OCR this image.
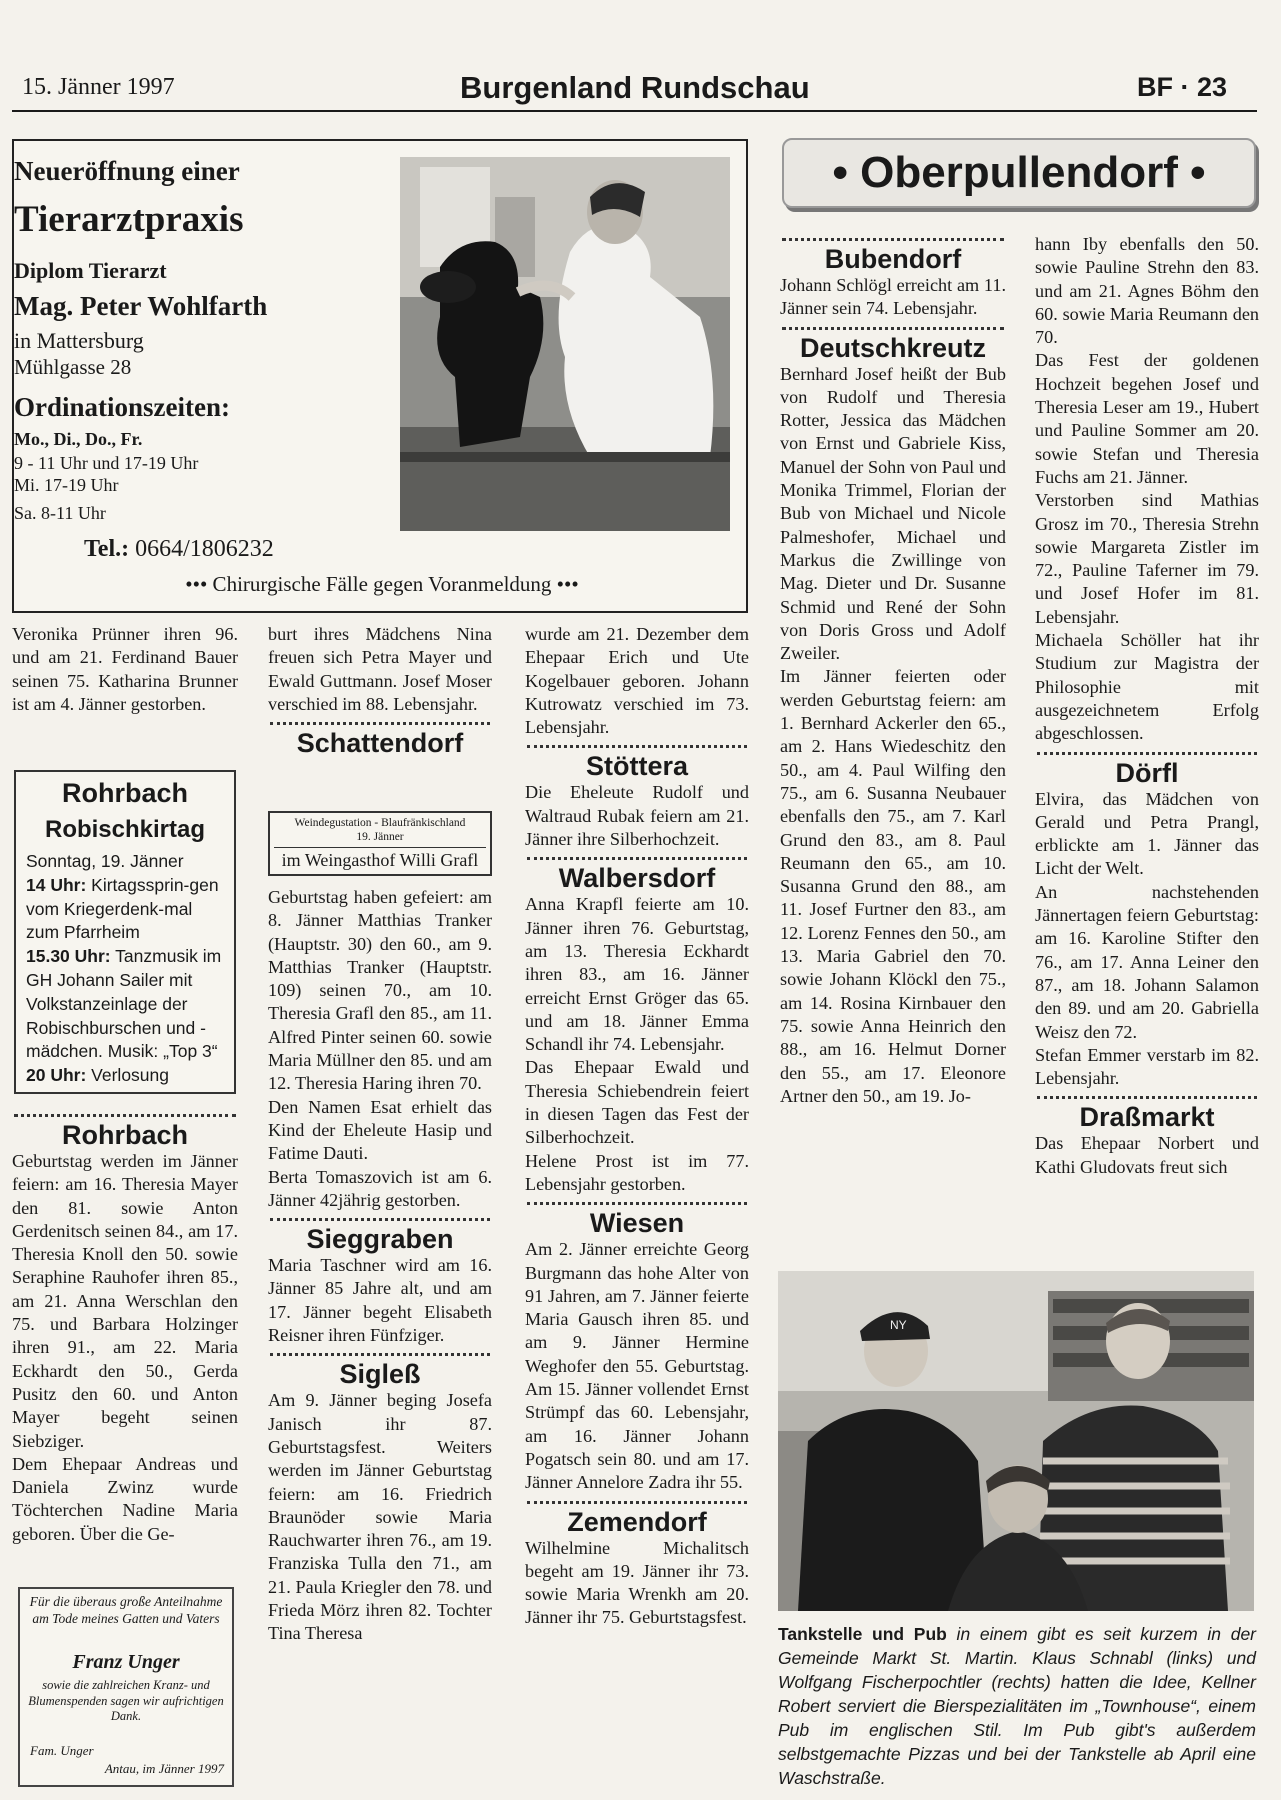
15. Jänner 1997	Burgenland Rundschau	BF · 23
Neueröffnung einer
Tierarztpraxis
Diplom Tierarzt
Mag. Peter Wohlfarth
in Mattersburg
Mühlgasse 28
Ordinationszeiten:
Mo., Di., Do., Fr.
9 - 11 Uhr und 17-19 Uhr
Mi. 17-19 Uhr
Sa. 8-11 Uhr
Tel.: 0664/1806232
••• Chirurgische Fälle gegen Voranmeldung •••
Veronika Prünner ihren 96. und am 21. Ferdinand Bauer seinen 75. Katharina Brunner ist am 4. Jänner gestorben.
Rohrbach
Robischkirtag
Sonntag, 19. Jänner
14 Uhr: Kirtagssprin-gen vom Kriegerdenk-mal zum Pfarrheim
15.30 Uhr: Tanzmusik im GH Johann Sailer mit Volkstanzeinlage der Robischburschen und -mädchen. Musik: „Top 3“ 20 Uhr: Verlosung

Rohrbach

Geburtstag werden im Jänner feiern: am 16. Theresia Mayer den 81. sowie Anton Gerdenitsch seinen 84., am 17. Theresia Knoll den 50. sowie Seraphine Rauhofer ihren 85., am 21. Anna Werschlan den 75. und Barbara Holzinger ihren 91., am 22. Maria Eckhardt den 50., Gerda Pusitz den 60. und Anton Mayer begeht seinen Siebziger.

Dem Ehepaar Andreas und Daniela Zwinz wurde Töchterchen Nadine Maria geboren. Über die Ge-

Für die überaus große Anteilnahme am Tode meines Gatten und Vaters
Franz Unger
sowie die zahlreichen Kranz- und Blumenspenden sagen wir aufrichtigen Dank.
Fam. Unger
Antau, im Jänner 1997

burt ihres Mädchens Nina freuen sich Petra Mayer und Ewald Guttmann. Josef Moser verschied im 88. Lebensjahr.

Schattendorf

Weindegustation - Blaufränkischland
19. Jänner
im Weingasthof Willi Grafl

Geburtstag haben gefeiert: am 8. Jänner Matthias Tranker (Hauptstr. 30) den 60., am 9. Matthias Tranker (Hauptstr. 109) seinen 70., am 10. Theresia Grafl den 85., am 11. Alfred Pinter seinen 60. sowie Maria Müllner den 85. und am 12. Theresia Haring ihren 70.

Den Namen Esat erhielt das Kind der Eheleute Hasip und Fatime Dauti.

Berta Tomaszovich ist am 6. Jänner 42jährig gestorben.

Sieggraben

Maria Taschner wird am 16. Jänner 85 Jahre alt, und am 17. Jänner begeht Elisabeth Reisner ihren Fünfziger.

Sigleß

Am 9. Jänner beging Josefa Janisch ihr 87. Geburtstagsfest. Weiters werden im Jänner Geburtstag feiern: am 16. Friedrich Braunöder sowie Maria Rauchwarter ihren 76., am 19. Franziska Tulla den 71., am 21. Paula Kriegler den 78. und Frieda Mörz ihren 82. Tochter Tina Theresa

wurde am 21. Dezember dem Ehepaar Erich und Ute Kogelbauer geboren. Johann Kutrowatz verschied im 73. Lebensjahr.

Stöttera

Die Eheleute Rudolf und Waltraud Rubak feiern am 21. Jänner ihre Silberhochzeit.

Walbersdorf

Anna Krapfl feierte am 10. Jänner ihren 76. Geburtstag, am 13. Theresia Eckhardt ihren 83., am 16. Jänner erreicht Ernst Gröger das 65. und am 18. Jänner Emma Schandl ihr 74. Lebensjahr.

Das Ehepaar Ewald und Theresia Schiebendrein feiert in diesen Tagen das Fest der Silberhochzeit.

Helene Prost ist im 77. Lebensjahr gestorben.

Wiesen

Am 2. Jänner erreichte Georg Burgmann das hohe Alter von 91 Jahren, am 7. Jänner feierte Maria Gausch ihren 85. und am 9. Jänner Hermine Weghofer den 55. Geburtstag. Am 15. Jänner vollendet Ernst Strümpf das 60. Lebensjahr, am 16. Jänner Johann Pogatsch sein 80. und am 17. Jänner Annelore Zadra ihr 55.

Zemendorf

Wilhelmine Michalitsch begeht am 19. Jänner ihr 73. sowie Maria Wrenkh am 20. Jänner ihr 75. Geburtstagsfest.

• Oberpullendorf •

Bubendorf

Johann Schlögl erreicht am 11. Jänner sein 74. Lebensjahr.

Deutschkreutz

Bernhard Josef heißt der Bub von Rudolf und Theresia Rotter, Jessica das Mädchen von Ernst und Gabriele Kiss, Manuel der Sohn von Paul und Monika Trimmel, Florian der Bub von Michael und Nicole Palmeshofer, Michael und Markus die Zwillinge von Mag. Dieter und Dr. Susanne Schmid und René der Sohn von Doris Gross und Adolf Zweiler.

Im Jänner feierten oder werden Geburtstag feiern: am 1. Bernhard Ackerler den 65., am 2. Hans Wiedeschitz den 50., am 4. Paul Wilfing den 75., am 6. Susanna Neubauer ebenfalls den 75., am 7. Karl Grund den 83., am 8. Paul Reumann den 65., am 10. Susanna Grund den 88., am 11. Josef Furtner den 83., am 12. Lorenz Fennes den 50., am 13. Maria Gabriel den 70. sowie Johann Klöckl den 75., am 14. Rosina Kirnbauer den 75. sowie Anna Heinrich den 88., am 16. Helmut Dorner den 55., am 17. Eleonore Artner den 50., am 19. Jo-

hann Iby ebenfalls den 50. sowie Pauline Strehn den 83. und am 21. Agnes Böhm den 60. sowie Maria Reumann den 70.

Das Fest der goldenen Hochzeit begehen Josef und Theresia Leser am 19., Hubert und Pauline Sommer am 20. sowie Stefan und Theresia Fuchs am 21. Jänner.

Verstorben sind Mathias Grosz im 70., Theresia Strehn sowie Margareta Zistler im 72., Pauline Taferner im 79. und Josef Hofer im 81. Lebensjahr.

Michaela Schöller hat ihr Studium zur Magistra der Philosophie mit ausgezeichnetem Erfolg abgeschlossen.

Dörfl

Elvira, das Mädchen von Gerald und Petra Prangl, erblickte am 1. Jänner das Licht der Welt.

An nachstehenden Jännertagen feiern Geburtstag: am 16. Karoline Stifter den 76., am 17. Anna Leiner den 87., am 18. Johann Salamon den 89. und am 20. Gabriella Weisz den 72.

Stefan Emmer verstarb im 82. Lebensjahr.

Draßmarkt

Das Ehepaar Norbert und Kathi Gludovats freut sich

NY
Tankstelle und Pub in einem gibt es seit kurzem in der Gemeinde Markt St. Martin. Klaus Schnabl (links) und Wolfgang Fischerpochtler (rechts) hatten die Idee, Kellner Robert serviert die Bierspezialitäten im „Townhouse“, einem Pub im englischen Stil. Im Pub gibt's außerdem selbstgemachte Pizzas und bei der Tankstelle ab April eine Waschstraße.
